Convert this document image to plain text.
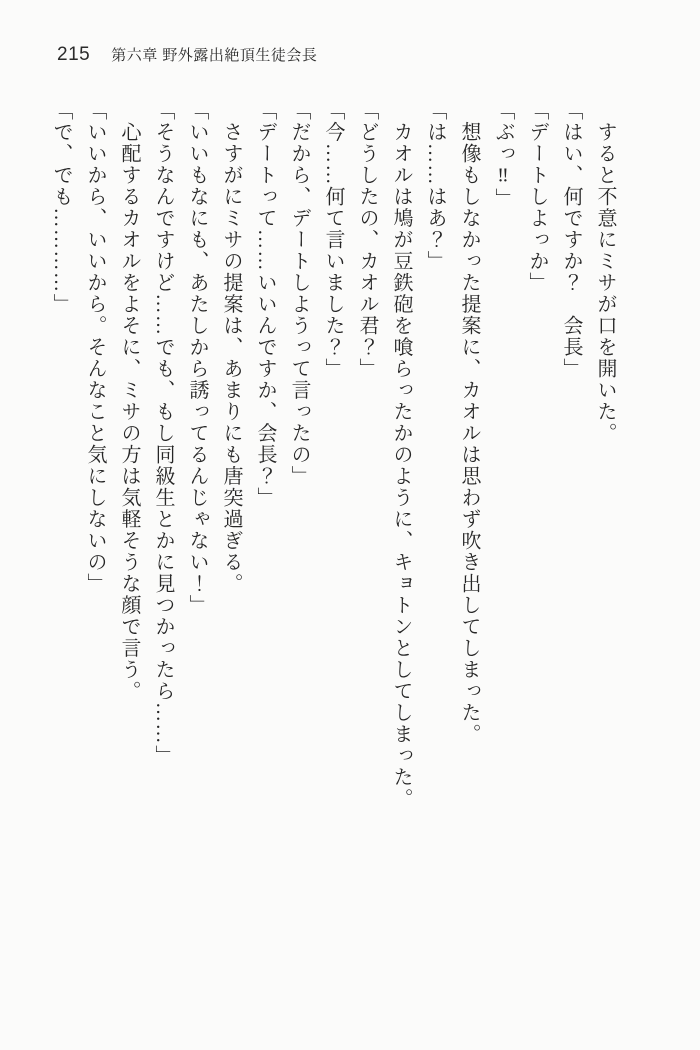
215 第六章 野外露出絶頂生徒会長

　すると不意にミサが口を開いた。

「はい、何ですか？　会長」

「デートしよっか」

「ぶっ‼」

　想像もしなかった提案に、カオルは思わず吹き出してしまった。

「は……はあ？」

　カオルは鳩が豆鉄砲を喰らったかのように、キョトンとしてしまった。

「どうしたの、カオル君？」

「今……何て言いました？」

「だから、デートしようって言ったの」

「デートって……いいんですか、会長？」

　さすがにミサの提案は、あまりにも唐突過ぎる。

「いいもなにも、あたしから誘ってるんじゃない！」

「そうなんですけど……でも、もし同級生とかに見つかったら……」

　心配するカオルをよそに、ミサの方は気軽そうな顔で言う。

「いいから、いいから。そんなこと気にしないの」

「で、でも…………」
